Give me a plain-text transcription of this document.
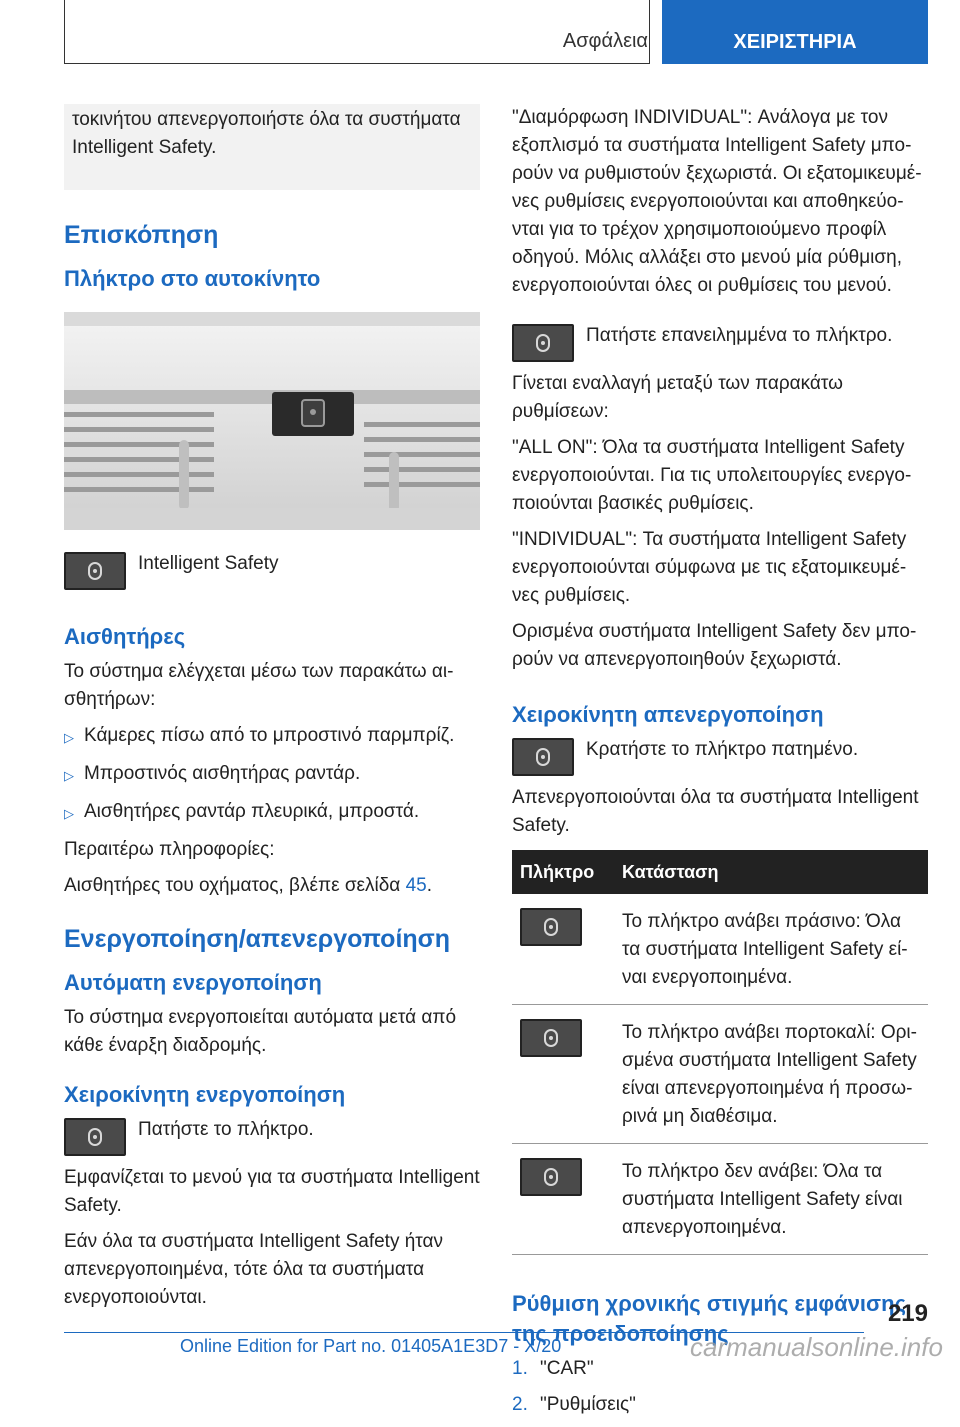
Ασφάλεια	ΧΕΙΡΙΣΤΗΡΙΑ

τοκινήτου απενεργοποιήστε όλα τα συστήματα Intelligent Safety.

Επισκόπηση
Πλήκτρο στο αυτοκίνητο
Intelligent Safety
Αισθητήρες

Το σύστημα ελέγχεται μέσω των παρακάτω αι-σθητήρων:

▷ Κάμερες πίσω από το μπροστινό παρμπρίζ.
▷ Μπροστινός αισθητήρας ραντάρ.
▷ Αισθητήρες ραντάρ πλευρικά, μπροστά.

Περαιτέρω πληροφορίες:

Αισθητήρες του οχήματος, βλέπε σελίδα 45.

Ενεργοποίηση/απενεργοποίηση
Αυτόματη ενεργοποίηση

Το σύστημα ενεργοποιείται αυτόματα μετά από κάθε έναρξη διαδρομής.

Χειροκίνητη ενεργοποίηση

Πατήστε το πλήκτρο.

Εμφανίζεται το μενού για τα συστήματα Intelligent Safety.

Εάν όλα τα συστήματα Intelligent Safety ήταν απενεργοποιημένα, τότε όλα τα συστήματα ενεργοποιούνται.

"Διαμόρφωση INDIVIDUAL": Ανάλογα με τον εξοπλισμό τα συστήματα Intelligent Safety μπο-ρούν να ρυθμιστούν ξεχωριστά. Οι εξατομικευμέ-νες ρυθμίσεις ενεργοποιούνται και αποθηκεύο-νται για το τρέχον χρησιμοποιούμενο προφίλ οδηγού. Μόλις αλλάξει στο μενού μία ρύθμιση, ενεργοποιούνται όλες οι ρυθμίσεις του μενού.

Πατήστε επανειλημμένα το πλήκτρο.

Γίνεται εναλλαγή μεταξύ των παρακάτω ρυθμίσεων:

"ALL ON": Όλα τα συστήματα Intelligent Safety ενεργοποιούνται. Για τις υπολειτουργίες ενεργο-ποιούνται βασικές ρυθμίσεις.

"INDIVIDUAL": Τα συστήματα Intelligent Safety ενεργοποιούνται σύμφωνα με τις εξατομικευμέ-νες ρυθμίσεις.

Ορισμένα συστήματα Intelligent Safety δεν μπο-ρούν να απενεργοποιηθούν ξεχωριστά.

Χειροκίνητη απενεργοποίηση
Κρατήστε το πλήκτρο πατημένο.

Απενεργοποιούνται όλα τα συστήματα Intelligent Safety.

Πλήκτρο	Κατάσταση

	Το πλήκτρο ανάβει πράσινο: Όλα τα συστήματα Intelligent Safety εί-ναι ενεργοποιημένα.

	Το πλήκτρο ανάβει πορτοκαλί: Ορι-σμένα συστήματα Intelligent Safety είναι απενεργοποιημένα ή προσω-ρινά μη διαθέσιμα.

	Το πλήκτρο δεν ανάβει: Όλα τα συστήματα Intelligent Safety είναι απενεργοποιημένα.
Ρύθμιση χρονικής στιγμής εμφάνισης της προειδοποίησης
1. "CAR"
2. "Ρυθμίσεις"
219
Online Edition for Part no. 01405A1E3D7 - X/20	carmanualsonline.info
